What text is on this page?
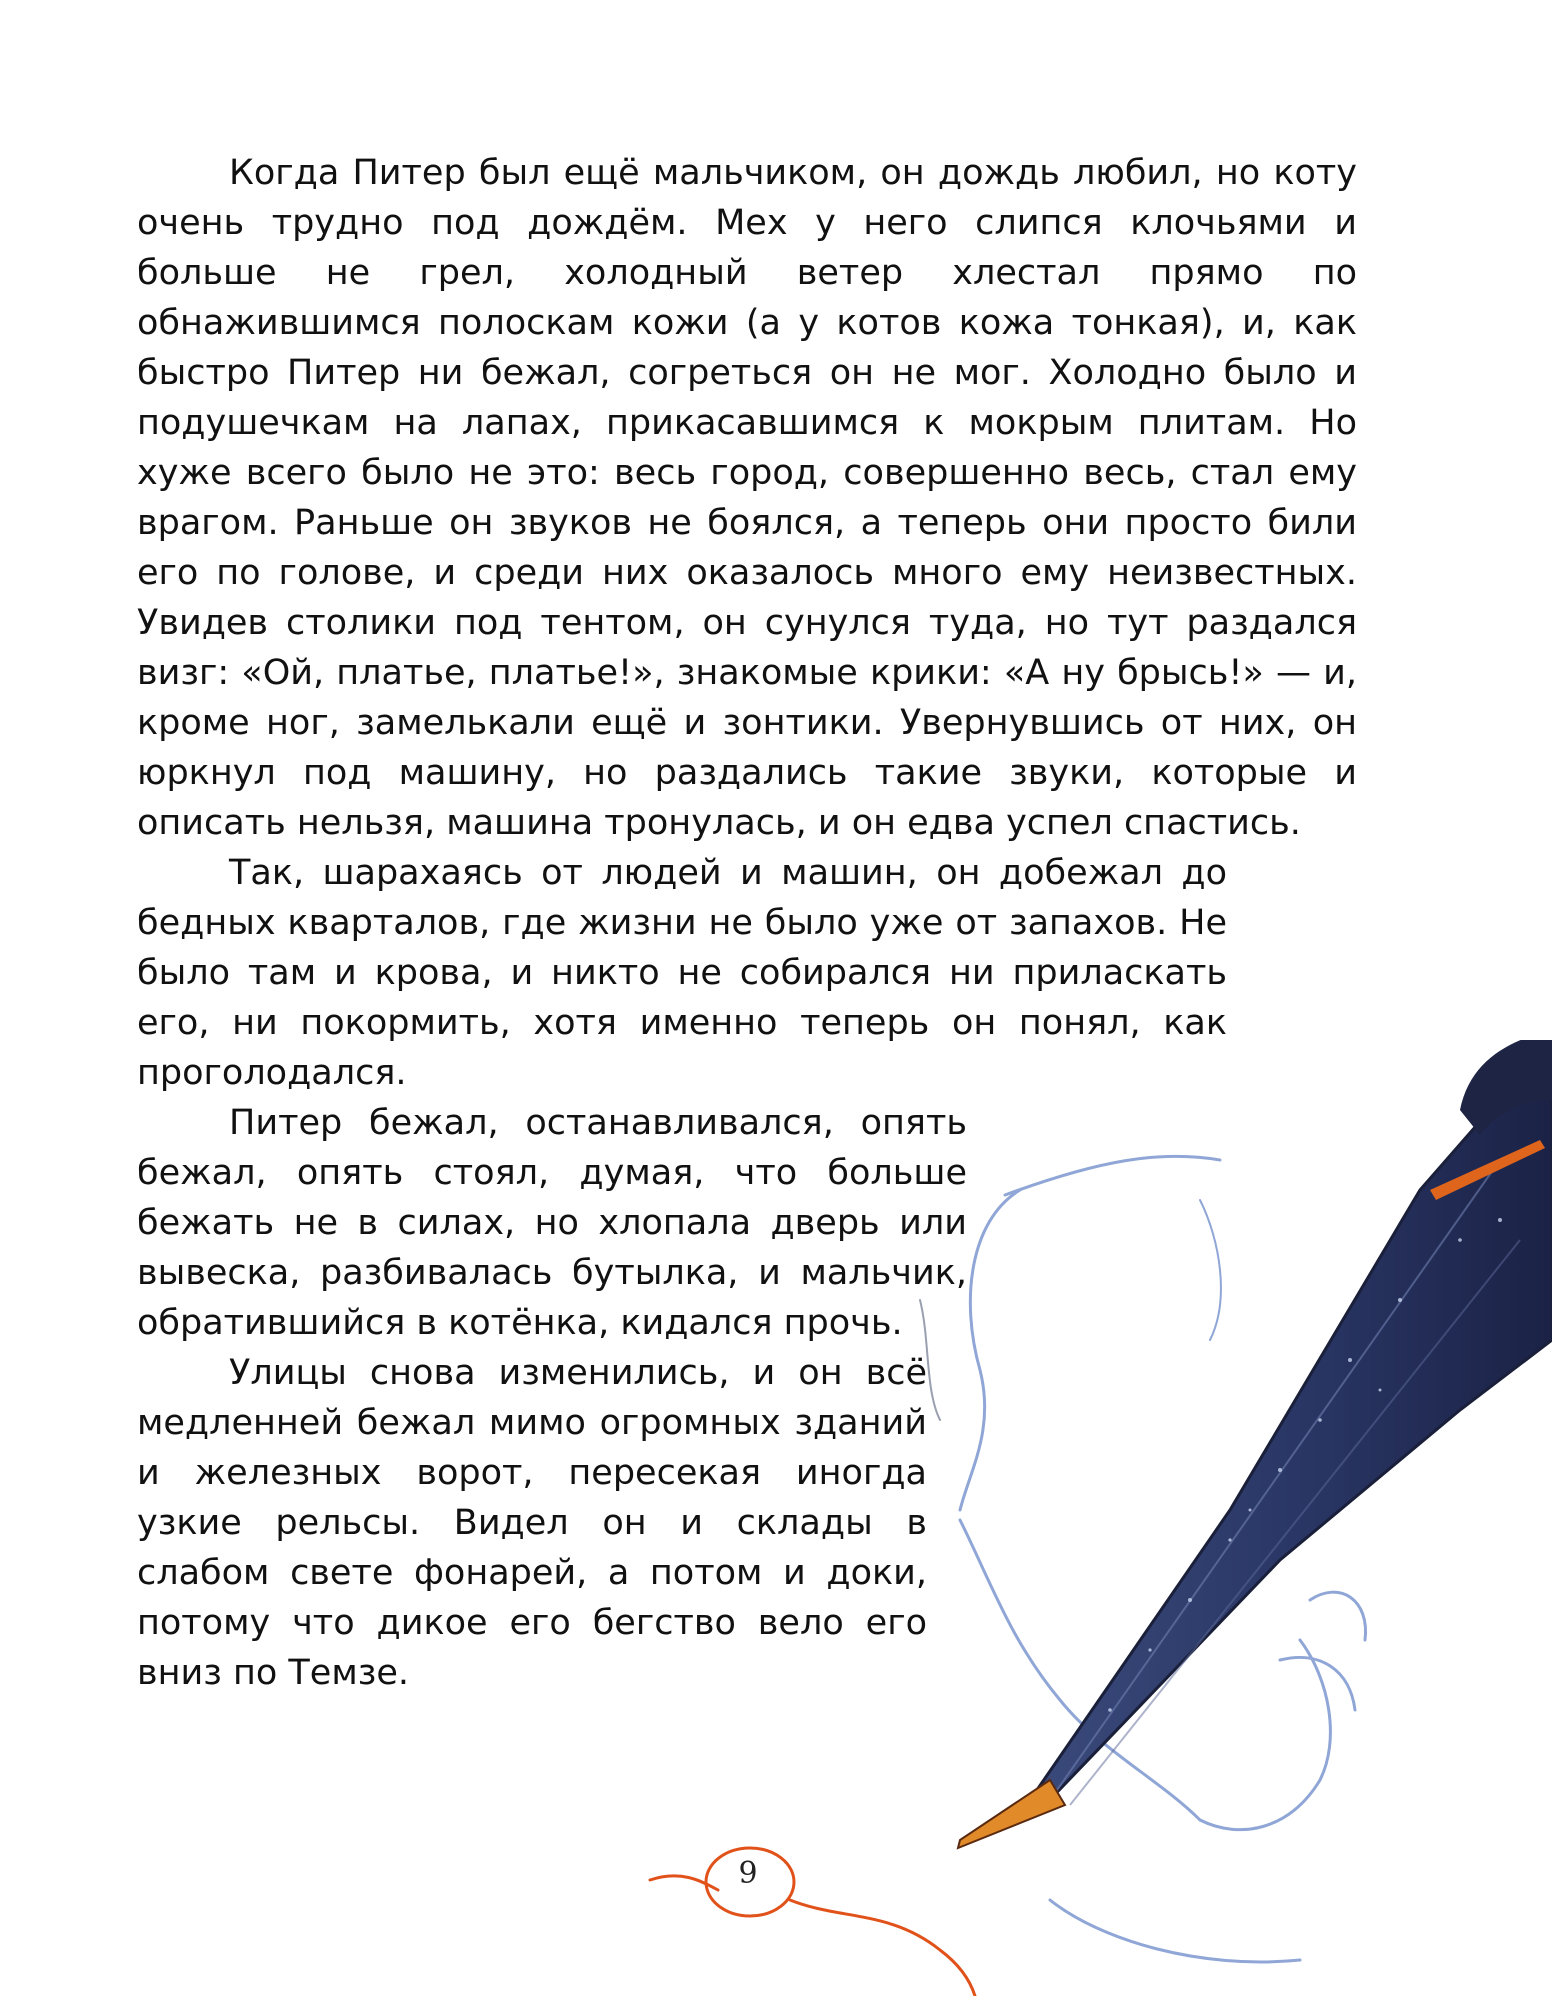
Когда Питер был ещё мальчиком, он дождь любил, но коту очень трудно под дождём. Мех у него слипся клочьями и больше не грел, холодный ветер хлестал прямо по обнажившимся полоскам кожи (а у котов кожа тонкая), и, как быстро Питер ни бежал, согреться он не мог. Холодно было и подушечкам на лапах, прикасавшимся к мокрым плитам. Но хуже всего было не это: весь город, совершенно весь, стал ему врагом. Раньше он звуков не боялся, а теперь они просто били его по голове, и среди них оказалось много ему неизвестных. Увидев столики под тентом, он сунулся туда, но тут раздался визг: «Ой, платье, платье!», знакомые крики: «А ну брысь!» — и, кроме ног, замелькали ещё и зонтики. Увернувшись от них, он юркнул под машину, но раздались такие звуки, которые и описать нельзя, машина тронулась, и он едва успел спастись.

Так, шарахаясь от людей и машин, он добежал до бедных кварталов, где жизни не было уже от запахов. Не было там и крова, и никто не собирался ни приласкать его, ни покормить, хотя именно теперь он понял, как проголодался.

Питер бежал, останавливался, опять бежал, опять стоял, думая, что больше бежать не в силах, но хлопала дверь или вывеска, разбивалась бутылка, и мальчик, обратившийся в котёнка, кидался прочь.

Улицы снова изменились, и он всё медленней бежал мимо огромных зданий и железных ворот, пересекая иногда узкие рельсы. Видел он и склады в слабом свете фонарей, а потом и доки, потому что дикое его бегство вело его вниз по Темзе.

9
